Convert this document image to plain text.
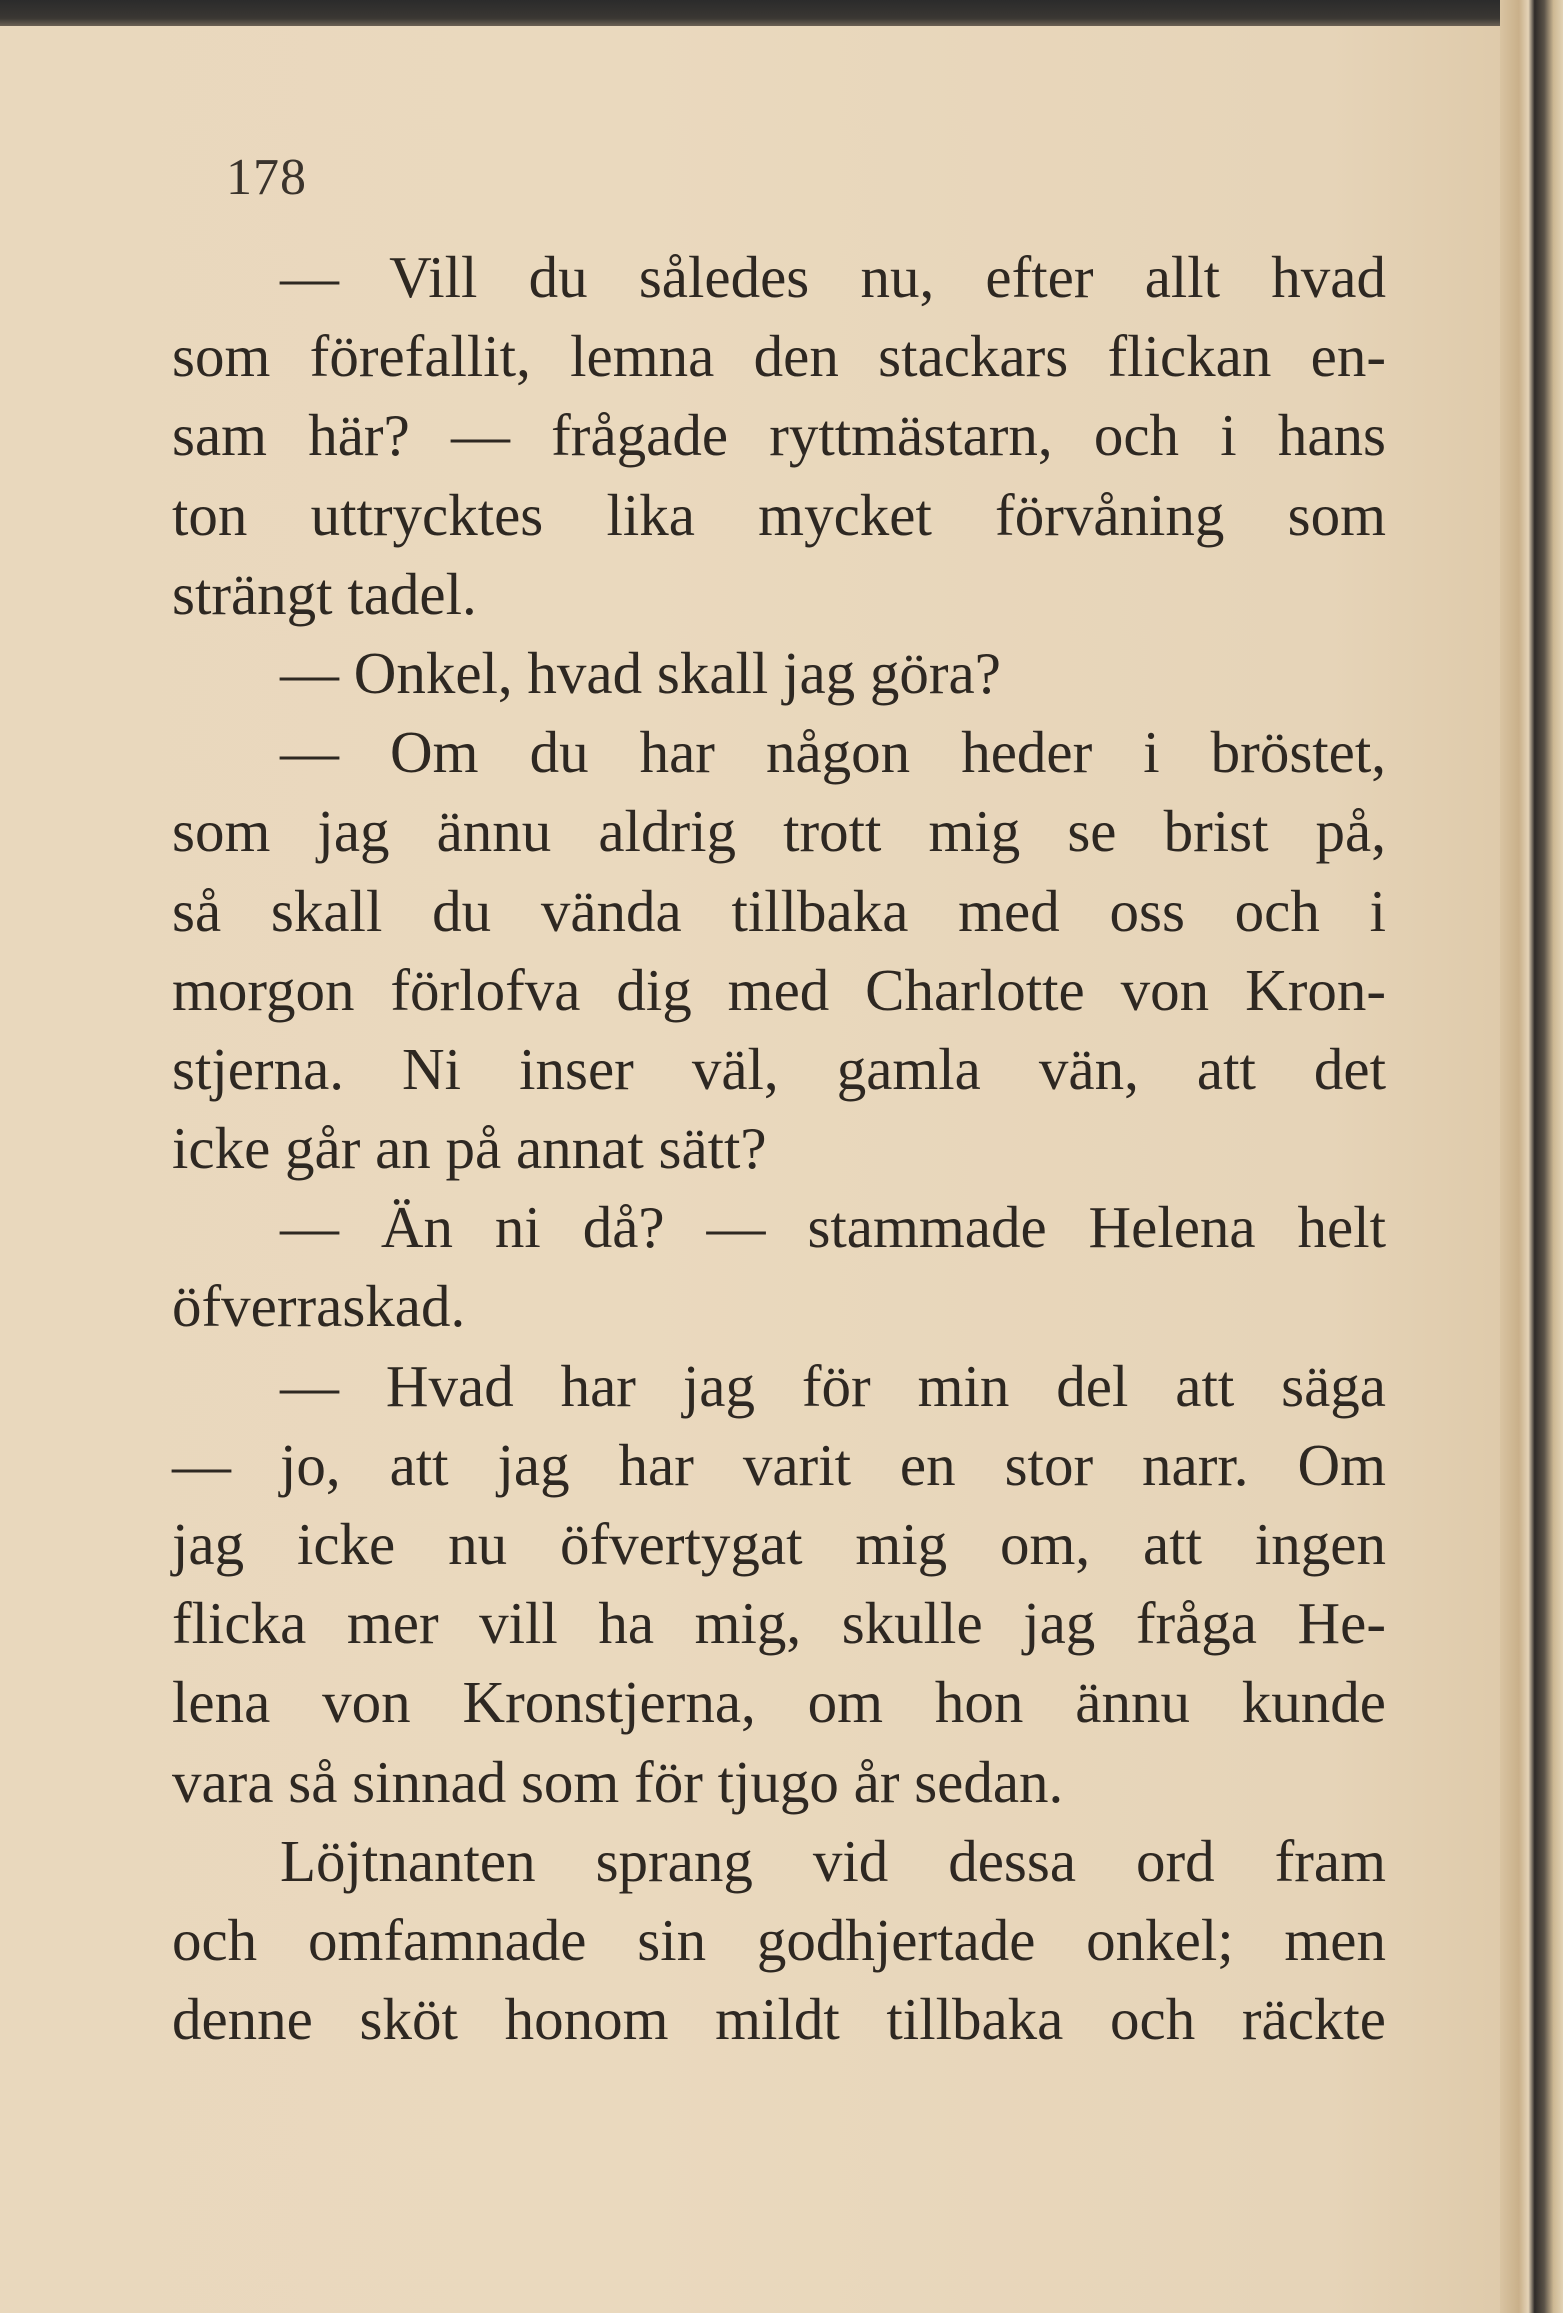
178
— Vill du således nu, efter allt hvad
som förefallit, lemna den stackars flickan en-
sam här? — frågade ryttmästarn, och i hans
ton uttrycktes lika mycket förvåning som
strängt tadel.
— Onkel, hvad skall jag göra?
— Om du har någon heder i bröstet,
som jag ännu aldrig trott mig se brist på,
så skall du vända tillbaka med oss och i
morgon förlofva dig med Charlotte von Kron-
stjerna. Ni inser väl, gamla vän, att det
icke går an på annat sätt?
— Än ni då? — stammade Helena helt
öfverraskad.
— Hvad har jag för min del att säga
— jo, att jag har varit en stor narr. Om
jag icke nu öfvertygat mig om, att ingen
flicka mer vill ha mig, skulle jag fråga He-
lena von Kronstjerna, om hon ännu kunde
vara så sinnad som för tjugo år sedan.
Löjtnanten sprang vid dessa ord fram
och omfamnade sin godhjertade onkel; men
denne sköt honom mildt tillbaka och räckte
